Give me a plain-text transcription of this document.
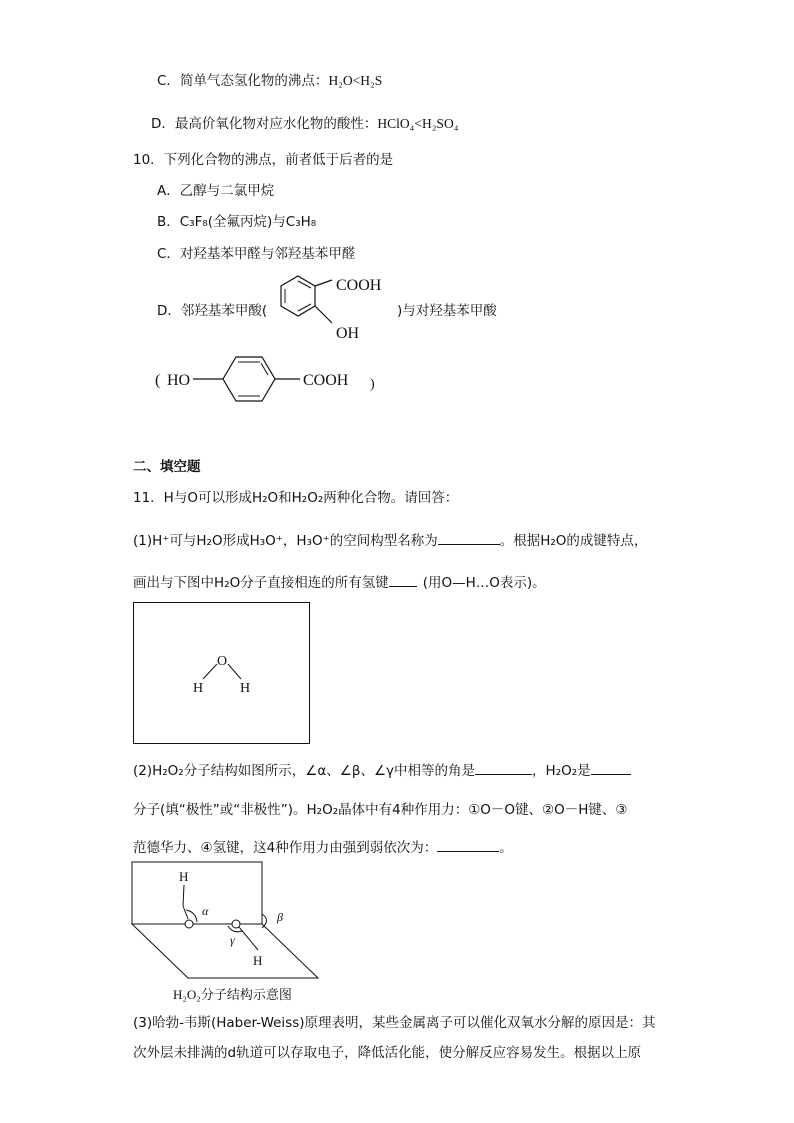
C．简单气态氢化物的沸点：H₂O<H₂S
D．最高价氧化物对应水化物的酸性：HClO₄<H₂SO₄
10．下列化合物的沸点，前者低于后者的是
A．乙醇与二氯甲烷
B．C₃F₈(全氟丙烷)与C₃H₈
C．对羟基苯甲醛与邻羟基苯甲醛
D．邻羟基苯甲酸(	)与对羟基苯甲酸
COOH
OH
( HO	COOH )
二、填空题
11．H与O可以形成H₂O和H₂O₂两种化合物。请回答：
(1)H⁺可与H₂O形成H₃O⁺，H₃O⁺的空间构型名称为	。根据H₂O的成键特点，
画出与下图中H₂O分子直接相连的所有氢键	(用O—H…O表示)。
O
H	H
(2)H₂O₂分子结构如图所示，∠α、∠β、∠γ中相等的角是	，H₂O₂是
分子(填“极性”或“非极性”)。H₂O₂晶体中有4种作用力：①O－O键、②O－H键、③
范德华力、④氢键，这4种作用力由强到弱依次为：	。
H
H
α
γ
β
H₂O₂分子结构示意图
(3)哈勃-韦斯(Haber-Weiss)原理表明，某些金属离子可以催化双氧水分解的原因是：其
次外层未排满的d轨道可以存取电子，降低活化能，使分解反应容易发生。根据以上原
